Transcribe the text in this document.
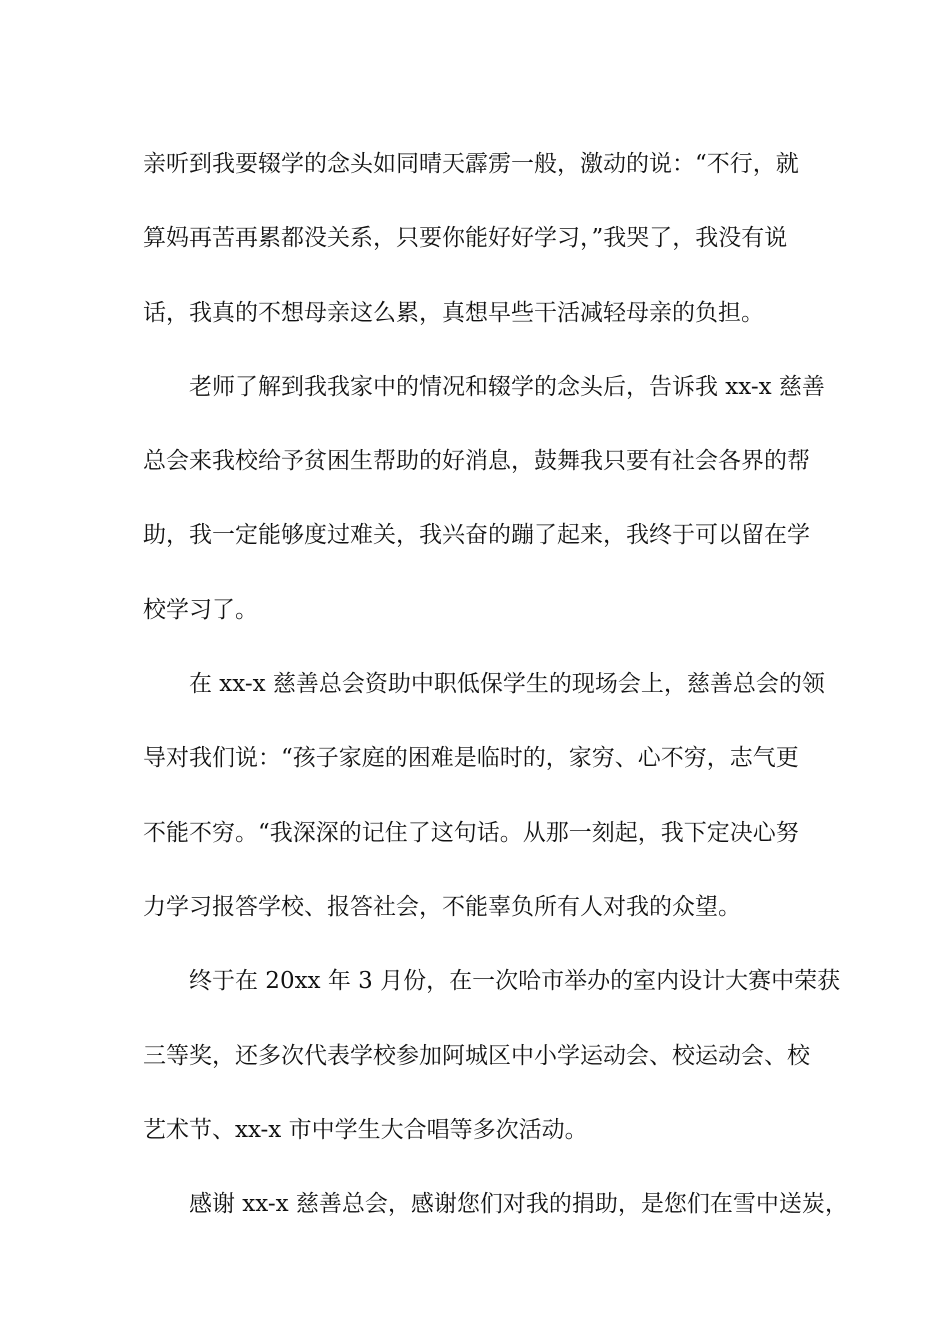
亲听到我要辍学的念头如同晴天霹雳一般，激动的说：“不行，就
算妈再苦再累都没关系，只要你能好好学习，”我哭了，我没有说
话，我真的不想母亲这么累，真想早些干活减轻母亲的负担。
老师了解到我我家中的情况和辍学的念头后，告诉我 xx-x 慈善
总会来我校给予贫困生帮助的好消息，鼓舞我只要有社会各界的帮
助，我一定能够度过难关，我兴奋的蹦了起来，我终于可以留在学
校学习了。
在 xx-x 慈善总会资助中职低保学生的现场会上，慈善总会的领
导对我们说：“孩子家庭的困难是临时的，家穷、心不穷，志气更
不能不穷。“我深深的记住了这句话。从那一刻起，我下定决心努
力学习报答学校、报答社会，不能辜负所有人对我的众望。
终于在 20xx 年 3 月份，在一次哈市举办的室内设计大赛中荣获
三等奖，还多次代表学校参加阿城区中小学运动会、校运动会、校
艺术节、xx-x 市中学生大合唱等多次活动。
感谢 xx-x 慈善总会，感谢您们对我的捐助，是您们在雪中送炭，
